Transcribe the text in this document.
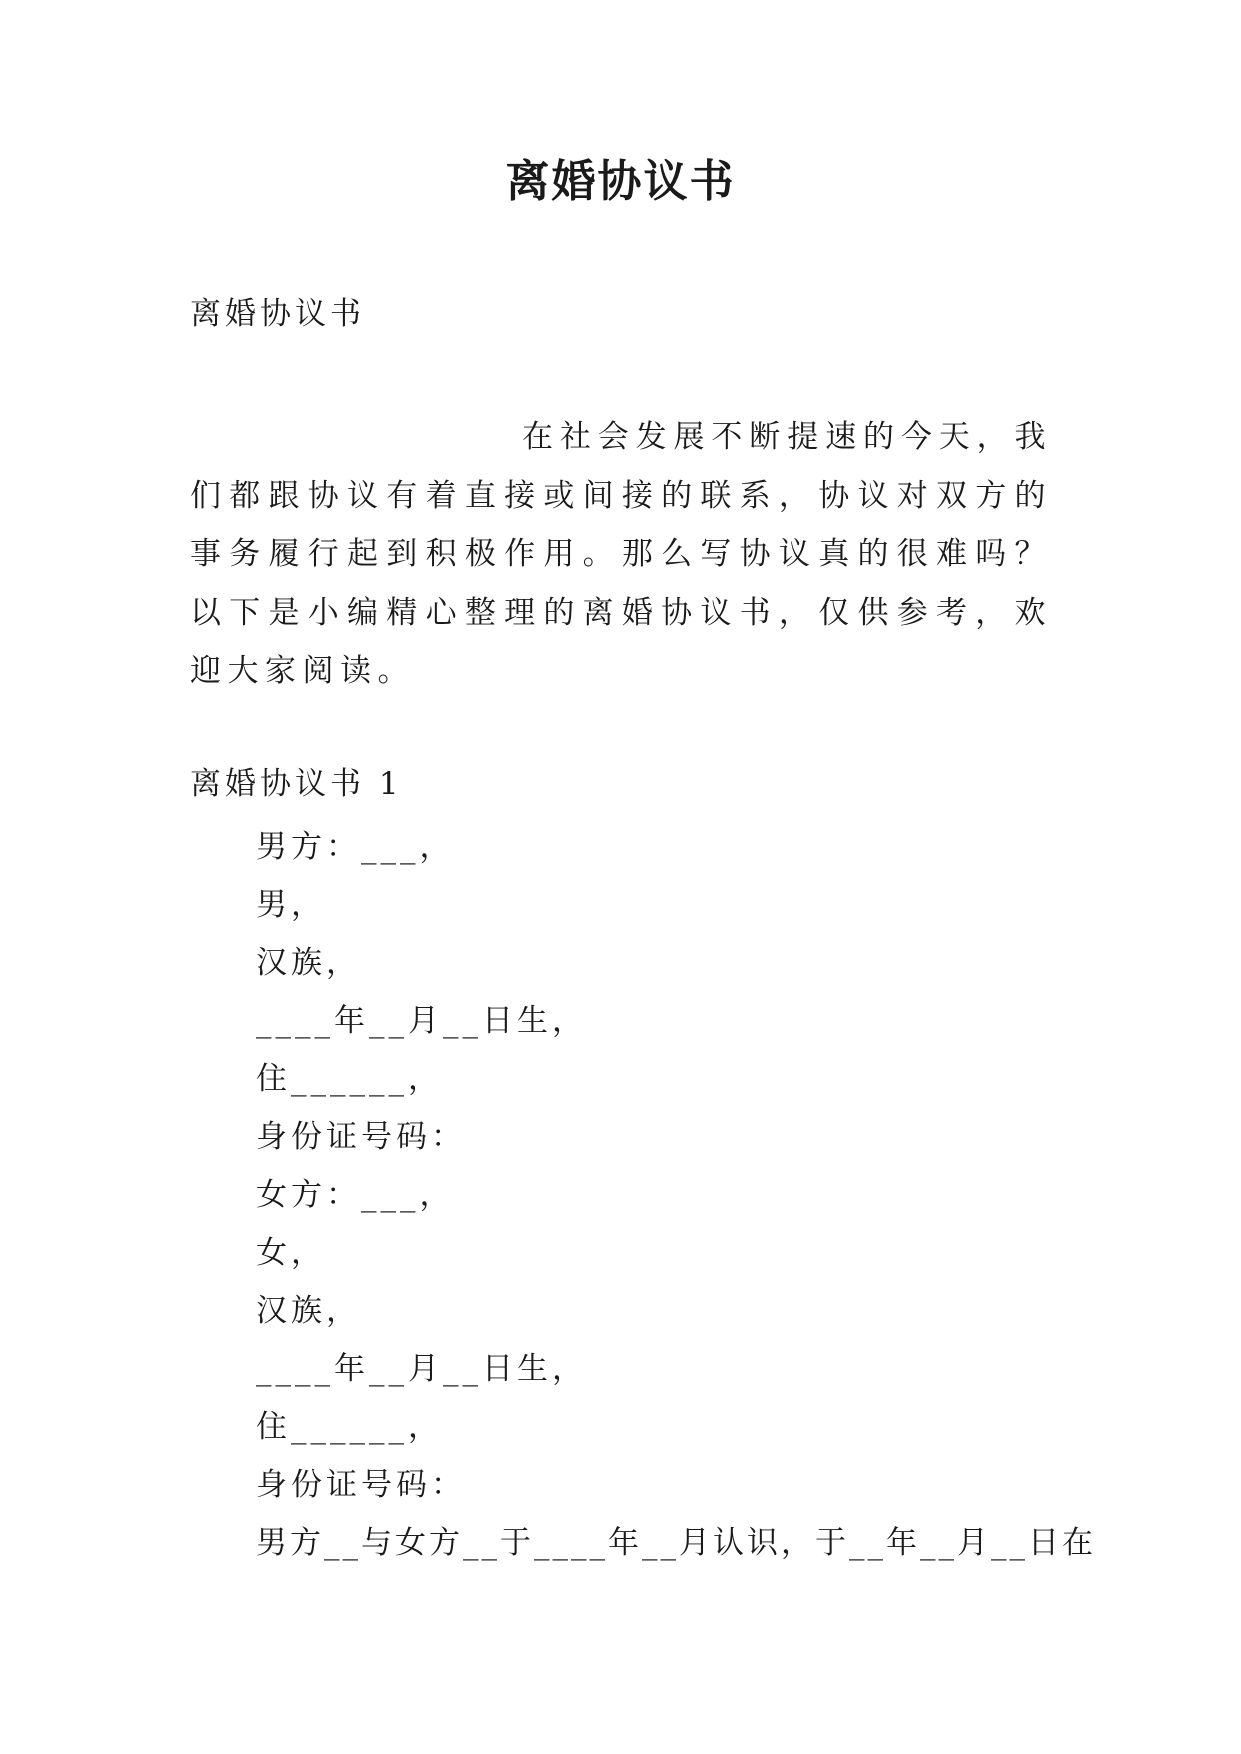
离婚协议书
离婚协议书
在社会发展不断提速的今天，我们都跟协议有着直接或间接的联系，协议对双方的事务履行起到积极作用。那么写协议真的很难吗？以下是小编精心整理的离婚协议书，仅供参考，欢迎大家阅读。
离婚协议书 1
男方：___，
男，
汉族，
____年__月__日生，
住______，
身份证号码：
女方：___，
女，
汉族，
____年__月__日生，
住______，
身份证号码：
男方__与女方__于____年__月认识，于__年__月__日在
